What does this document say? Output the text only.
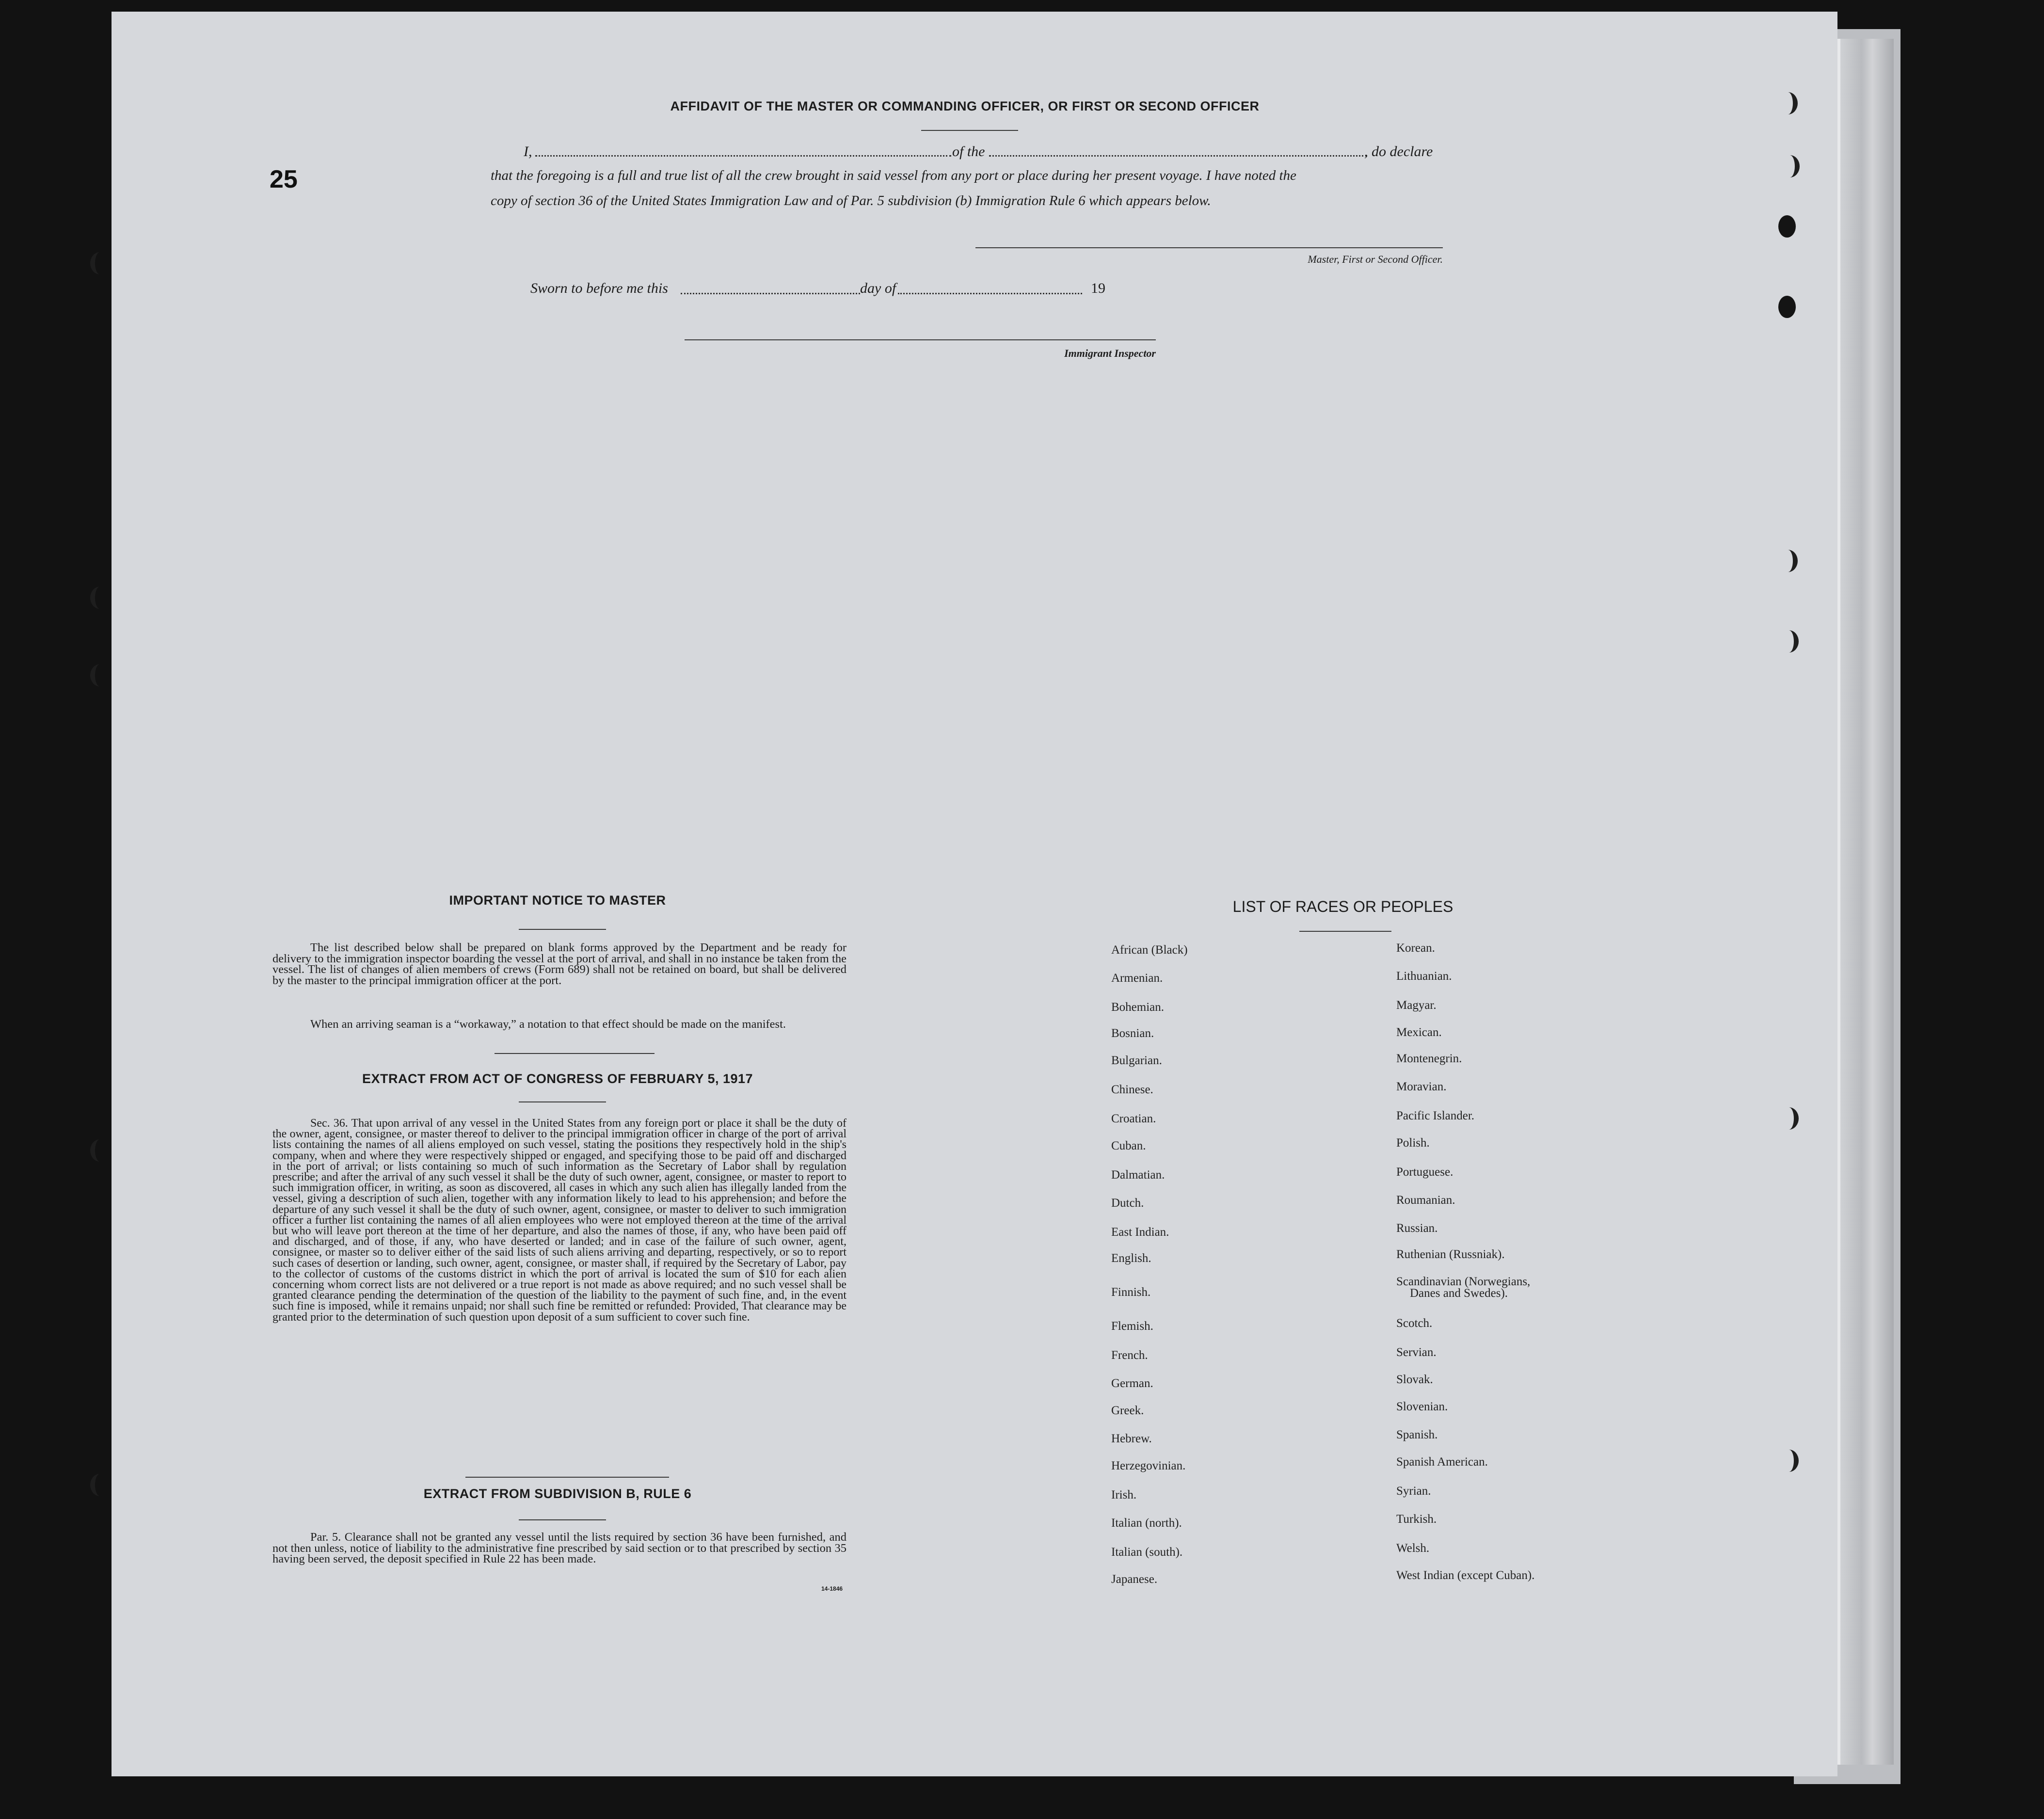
25
AFFIDAVIT OF THE MASTER OR COMMANDING OFFICER, OR FIRST OR SECOND OFFICER
I,	of the	, do declare
that the foregoing is a full and true list of all the crew brought in said vessel from any port or place during her present voyage. I have noted the
copy of section 36 of the United States Immigration Law and of Par. 5 subdivision (b) Immigration Rule 6 which appears below.
Master, First or Second Officer.
Sworn to before me this	day of	19
Immigrant Inspector
IMPORTANT NOTICE TO MASTER
The list described below shall be prepared on blank forms approved by the Department and be ready for delivery to the immigration inspector boarding the vessel at the port of arrival, and shall in no instance be taken from the vessel. The list of changes of alien members of crews (Form 689) shall not be retained on board, but shall be delivered by the master to the principal immigration officer at the port.
When an arriving seaman is a “workaway,” a notation to that effect should be made on the manifest.
EXTRACT FROM ACT OF CONGRESS OF FEBRUARY 5, 1917
Sec. 36. That upon arrival of any vessel in the United States from any foreign port or place it shall be the duty of the owner, agent, consignee, or master thereof to deliver to the principal immigration officer in charge of the port of arrival lists containing the names of all aliens employed on such vessel, stating the positions they respectively hold in the ship's company, when and where they were respectively shipped or engaged, and specifying those to be paid off and discharged in the port of arrival; or lists containing so much of such information as the Secretary of Labor shall by regulation prescribe; and after the arrival of any such vessel it shall be the duty of such owner, agent, consignee, or master to report to such immigration officer, in writing, as soon as discovered, all cases in which any such alien has illegally landed from the vessel, giving a description of such alien, together with any information likely to lead to his apprehension; and before the departure of any such vessel it shall be the duty of such owner, agent, consignee, or master to deliver to such immigration officer a further list containing the names of all alien employees who were not employed thereon at the time of the arrival but who will leave port thereon at the time of her departure, and also the names of those, if any, who have been paid off and discharged, and of those, if any, who have deserted or landed; and in case of the failure of such owner, agent, consignee, or master so to deliver either of the said lists of such aliens arriving and departing, respectively, or so to report such cases of desertion or landing, such owner, agent, consignee, or master shall, if required by the Secretary of Labor, pay to the collector of customs of the customs district in which the port of arrival is located the sum of $10 for each alien concerning whom correct lists are not delivered or a true report is not made as above required; and no such vessel shall be granted clearance pending the determination of the question of the liability to the payment of such fine, and, in the event such fine is imposed, while it remains unpaid; nor shall such fine be remitted or refunded: Provided, That clearance may be granted prior to the determination of such question upon deposit of a sum sufficient to cover such fine.
EXTRACT FROM SUBDIVISION B, RULE 6
Par. 5. Clearance shall not be granted any vessel until the lists required by section 36 have been furnished, and not then unless, notice of liability to the administrative fine prescribed by said section or to that prescribed by section 35 having been served, the deposit specified in Rule 22 has been made.
14-1846
LIST OF RACES OR PEOPLES
African (Black)
Armenian.
Bohemian.
Bosnian.
Bulgarian.
Chinese.
Croatian.
Cuban.
Dalmatian.
Dutch.
East Indian.
English.
Finnish.
Flemish.
French.
German.
Greek.
Hebrew.
Herzegovinian.
Irish.
Italian (north).
Italian (south).
Japanese.
Korean.
Lithuanian.
Magyar.
Mexican.
Montenegrin.
Moravian.
Pacific Islander.
Polish.
Portuguese.
Roumanian.
Russian.
Ruthenian (Russniak).
Scandinavian (Norwegians,
Danes and Swedes).
Scotch.
Servian.
Slovak.
Slovenian.
Spanish.
Spanish American.
Syrian.
Turkish.
Welsh.
West Indian (except Cuban).
